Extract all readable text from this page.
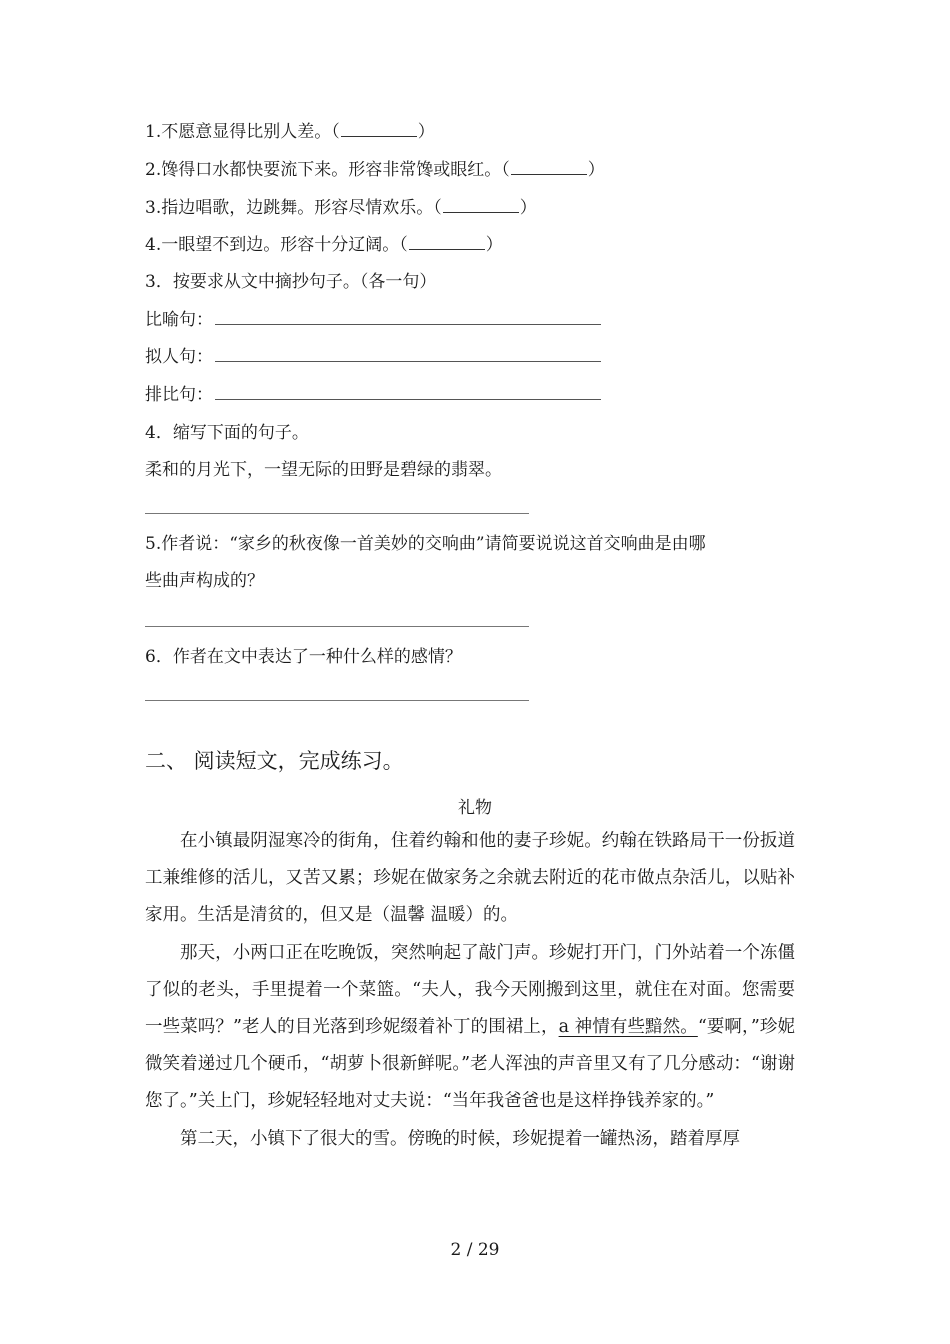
1.不愿意显得比别人差。（	）
2.馋得口水都快要流下来。形容非常馋或眼红。（	）
3.指边唱歌，边跳舞。形容尽情欢乐。（	）
4.一眼望不到边。形容十分辽阔。（	）
3．按要求从文中摘抄句子。（各一句）
比喻句：
拟人句：
排比句：
4．缩写下面的句子。
柔和的月光下，一望无际的田野是碧绿的翡翠。
5.作者说：“家乡的秋夜像一首美妙的交响曲”请简要说说这首交响曲是由哪
些曲声构成的？
6．作者在文中表达了一种什么样的感情？
二、 阅读短文，完成练习。
礼物

在小镇最阴湿寒冷的街角，住着约翰和他的妻子珍妮。约翰在铁路局干一份扳道工兼维修的活儿，又苦又累；珍妮在做家务之余就去附近的花市做点杂活儿，以贴补家用。生活是清贫的，但又是（温馨 温暖）的。

那天，小两口正在吃晚饭，突然响起了敲门声。珍妮打开门，门外站着一个冻僵了似的老头，手里提着一个菜篮。“夫人，我今天刚搬到这里，就住在对面。您需要一些菜吗？”老人的目光落到珍妮缀着补丁的围裙上，a 神情有些黯然。“要啊，”珍妮微笑着递过几个硬币，“胡萝卜很新鲜呢。”老人浑浊的声音里又有了几分感动：“谢谢您了。”关上门，珍妮轻轻地对丈夫说：“当年我爸爸也是这样挣钱养家的。”

第二天，小镇下了很大的雪。傍晚的时候，珍妮提着一罐热汤，踏着厚厚

2 / 29
